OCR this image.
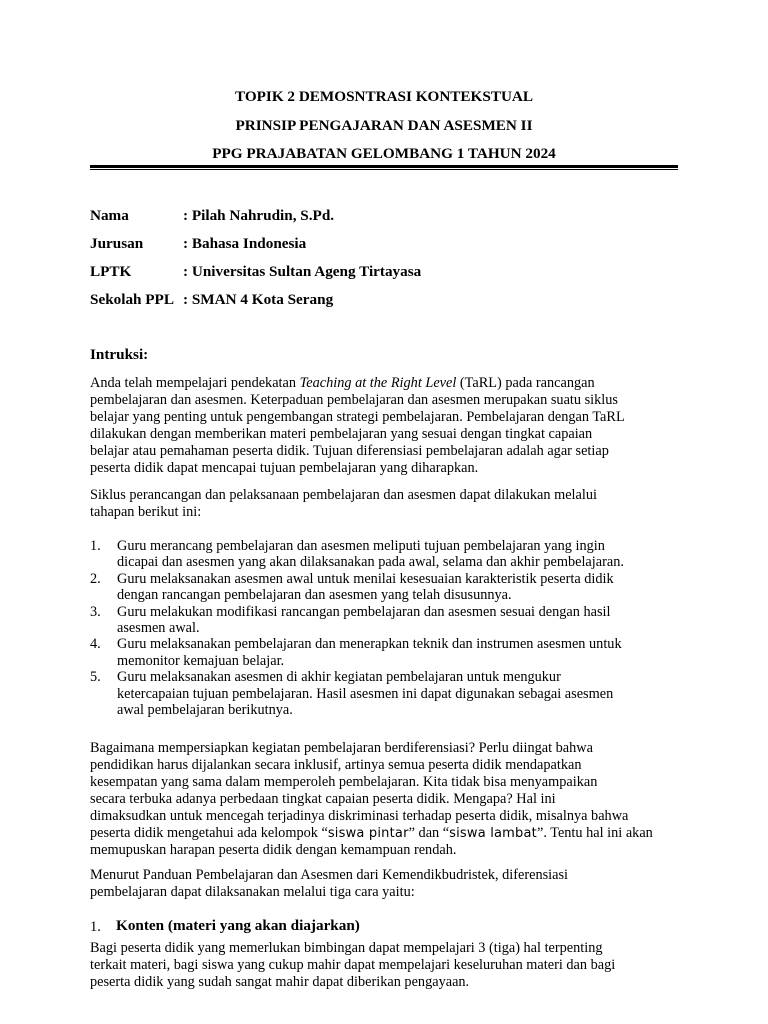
TOPIK 2 DEMOSNTRASI KONTEKSTUAL
PRINSIP PENGAJARAN DAN ASESMEN II
PPG PRAJABATAN GELOMBANG 1 TAHUN 2024
Nama	: Pilah Nahrudin, S.Pd.
Jurusan	: Bahasa Indonesia
LPTK	: Universitas Sultan Ageng Tirtayasa
Sekolah PPL : SMAN 4 Kota Serang
Intruksi:
Anda telah mempelajari pendekatan Teaching at the Right Level (TaRL) pada rancangan
pembelajaran dan asesmen. Keterpaduan pembelajaran dan asesmen merupakan suatu siklus
belajar yang penting untuk pengembangan strategi pembelajaran. Pembelajaran dengan TaRL
dilakukan dengan memberikan materi pembelajaran yang sesuai dengan tingkat capaian
belajar atau pemahaman peserta didik. Tujuan diferensiasi pembelajaran adalah agar setiap
peserta didik dapat mencapai tujuan pembelajaran yang diharapkan.
Siklus perancangan dan pelaksanaan pembelajaran dan asesmen dapat dilakukan melalui
tahapan berikut ini:
1. Guru merancang pembelajaran dan asesmen meliputi tujuan pembelajaran yang ingin
dicapai dan asesmen yang akan dilaksanakan pada awal, selama dan akhir pembelajaran.
2. Guru melaksanakan asesmen awal untuk menilai kesesuaian karakteristik peserta didik
dengan rancangan pembelajaran dan asesmen yang telah disusunnya.
3. Guru melakukan modifikasi rancangan pembelajaran dan asesmen sesuai dengan hasil
asesmen awal.
4. Guru melaksanakan pembelajaran dan menerapkan teknik dan instrumen asesmen untuk
memonitor kemajuan belajar.
5. Guru melaksanakan asesmen di akhir kegiatan pembelajaran untuk mengukur
ketercapaian tujuan pembelajaran. Hasil asesmen ini dapat digunakan sebagai asesmen
awal pembelajaran berikutnya.
Bagaimana mempersiapkan kegiatan pembelajaran berdiferensiasi? Perlu diingat bahwa
pendidikan harus dijalankan secara inklusif, artinya semua peserta didik mendapatkan
kesempatan yang sama dalam memperoleh pembelajaran. Kita tidak bisa menyampaikan
secara terbuka adanya perbedaan tingkat capaian peserta didik. Mengapa? Hal ini
dimaksudkan untuk mencegah terjadinya diskriminasi terhadap peserta didik, misalnya bahwa
peserta didik mengetahui ada kelompok “siswa pintar” dan “siswa lambat”. Tentu hal ini akan
memupuskan harapan peserta didik dengan kemampuan rendah.
Menurut Panduan Pembelajaran dan Asesmen dari Kemendikbudristek, diferensiasi
pembelajaran dapat dilaksanakan melalui tiga cara yaitu:
1. Konten (materi yang akan diajarkan)
Bagi peserta didik yang memerlukan bimbingan dapat mempelajari 3 (tiga) hal terpenting
terkait materi, bagi siswa yang cukup mahir dapat mempelajari keseluruhan materi dan bagi
peserta didik yang sudah sangat mahir dapat diberikan pengayaan.
